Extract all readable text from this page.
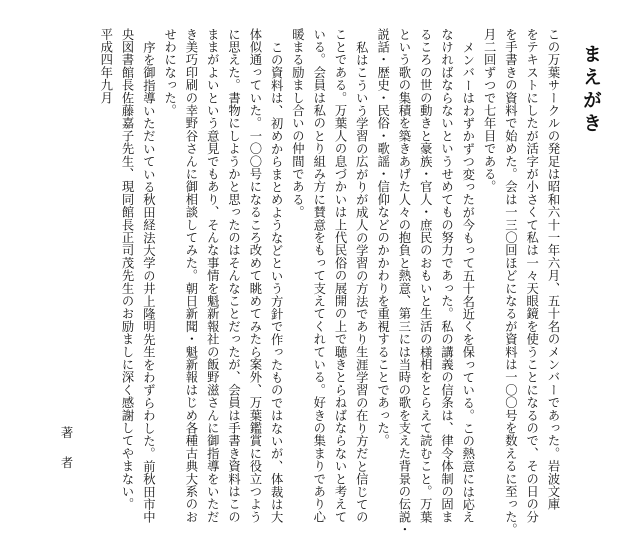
まえがき
この万葉サークルの発足は昭和六十一年六月、五十名のメンバーであった。岩波文庫
をテキストにしたが活字が小さくて私は一々天眼鏡を使うことになるので、その日の分
を手書きの資料で始めた。会は一三〇回ほどになるが資料は一〇〇号を数えるに至った。
月二回ずつで七年目である。
メンバーはわずかずつ変ったが今もって五十名近くを保っている。この熱意には応え
なければならないというせめてもの努力であった。私の講義の信条は、律令体制の固ま
るころの世の動きと豪族・官人・庶民のおもいと生活の様相をとらえて読むこと。万葉
という歌の集積を築きあげた人々の抱負と熱意、第三には当時の歌を支えた背景の伝説・
説話・歴史・民俗・歌謡・信仰などのかかわりを重視することであった。
私はこういう学習の広がりが成人の学習の方法であり生涯学習の在り方だと信じての
ことである。万葉人の息づかいは上代民俗の展開の上で聴きとらねばならないと考えて
いる。会員は私のとり組み方に賛意をもって支えてくれている。好きの集まりであり心
暖まる励まし合いの仲間である。
この資料は、初めからまとめようなどという方針で作ったものではないが、体裁は大
体似通っていた。一〇〇号になるころ改めて眺めてみたら案外、万葉鑑賞に役立つよう
に思えた。書物にしようかと思ったのはそんなことだったが、会員は手書き資料はこの
ままがよいという意見でもあり、そんな事情を魁新報社の飯野滋さんに御指導をいただ
き美巧印刷の幸野谷さんに御相談してみた。朝日新聞・魁新報はじめ各種古典大系のお
せわになった。
序を御指導いただいている秋田経法大学の井上隆明先生をわずらわした。前秋田市中
央図書館長佐藤嘉子先生、現同館長正司茂先生のお励ましに深く感謝してやまない。
平成四年九月
著者
